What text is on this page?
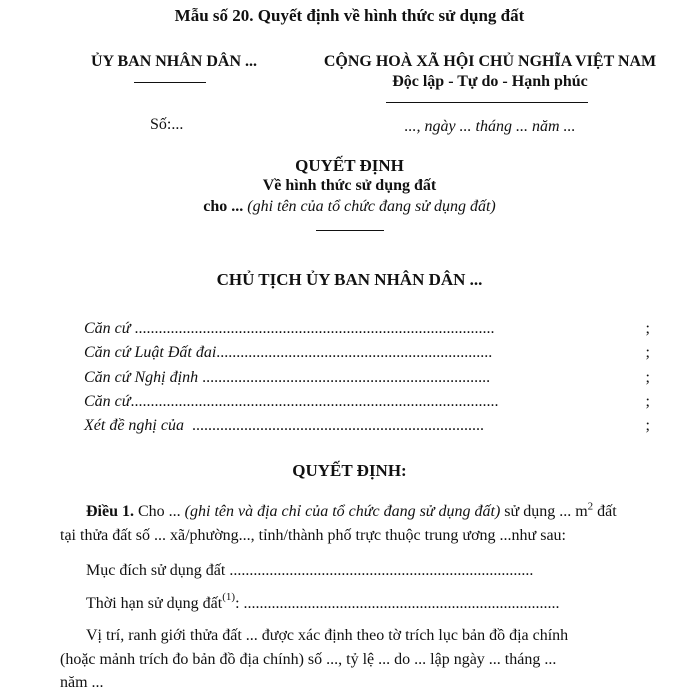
Mẫu số 20. Quyết định về hình thức sử dụng đất
ỦY BAN NHÂN DÂN ...	CỘNG HOÀ XÃ HỘI CHỦ NGHĨA VIỆT NAM
Độc lập - Tự do - Hạnh phúc
Số:...	..., ngày ... tháng ... năm ...
QUYẾT ĐỊNH
Về hình thức sử dụng đất
cho ... (ghi tên của tổ chức đang sử dụng đất)
CHỦ TỊCH ỦY BAN NHÂN DÂN ...
Căn cứ ..........................................................................................	;
Căn cứ Luật Đất đai .....................................................................	;
Căn cứ Nghị định ........................................................................	;
Căn cứ ............................................................................................	;
Xét đề nghị của .........................................................................	;
QUYẾT ĐỊNH:
Điều 1. Cho ... (ghi tên và địa chỉ của tổ chức đang sử dụng đất) sử dụng ... $m^2$ đất
tại thửa đất số ... xã/phường..., tỉnh/thành phố trực thuộc trung ương ...như sau:
Mục đích sử dụng đất ............................................................................
Thời hạn sử dụng đất (1) : ...............................................................................
Vị trí, ranh giới thửa đất ... được xác định theo tờ trích lục bản đồ địa chính
(hoặc mảnh trích đo bản đồ địa chính) số ..., tỷ lệ ... do ... lập ngày ... tháng ...
năm ...
